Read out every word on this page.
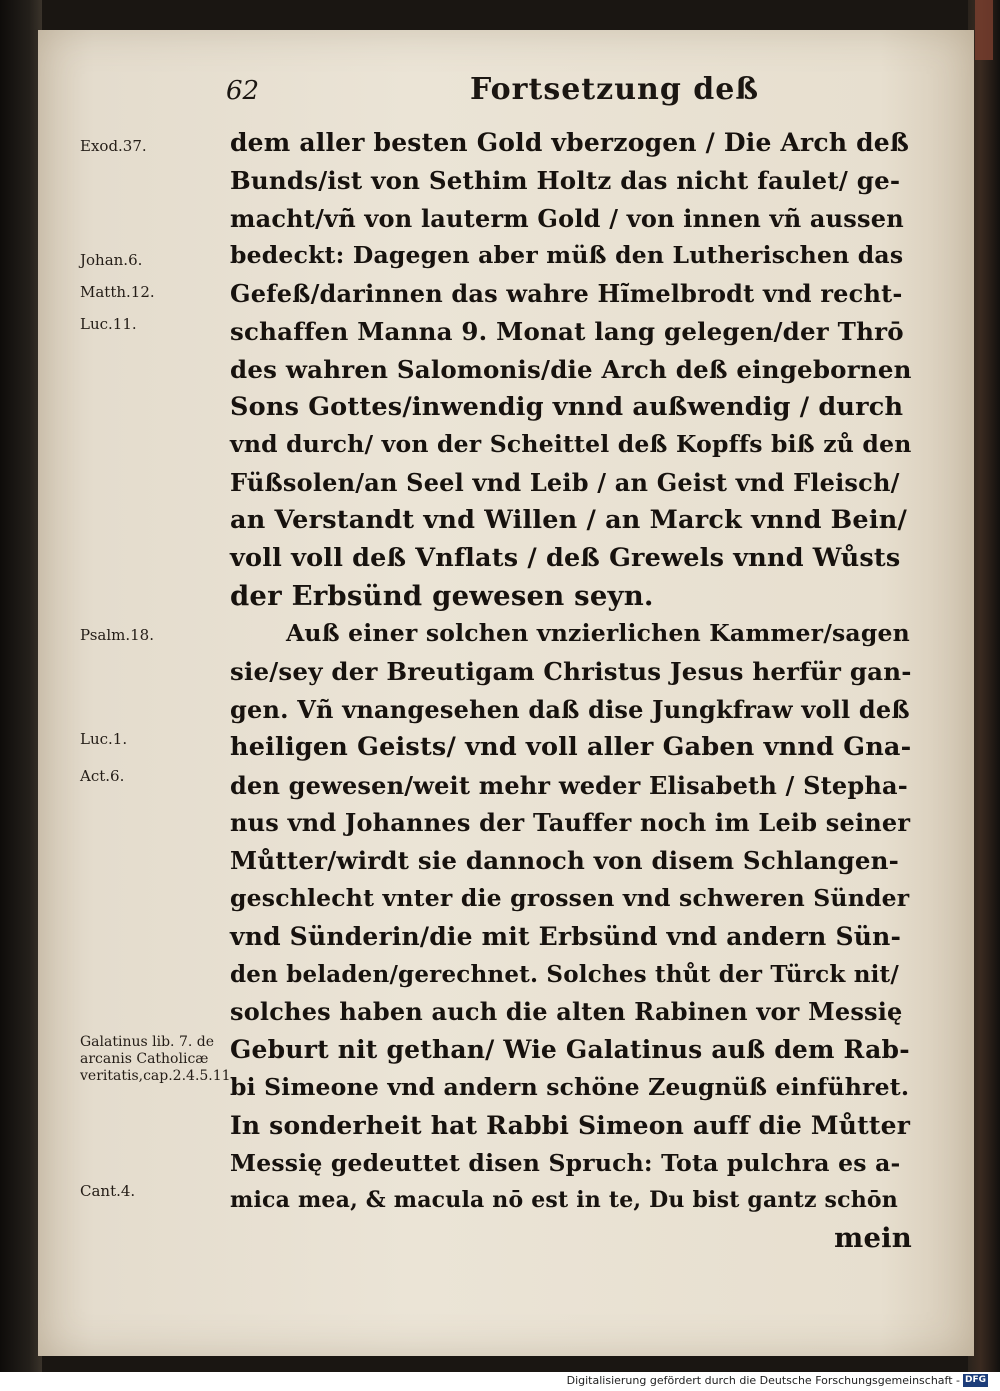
62	Fortsetzung deß
Exod.37.
Johan.6.
Matth.12.
Luc.11.
Psalm.18.
Luc.1.
Act.6.
Galatinus lib. 7. de arcanis Catholicæ veritatis,cap.2.4.5.11.
Cant.4.
dem aller besten Gold vberzogen / Die Arch deß
Bunds/ist von Sethim Holtz das nicht faulet/ ge-
macht/vñ von lauterm Gold / von innen vñ aussen
bedeckt: Dagegen aber müß den Lutherischen das
Gefeß/darinnen das wahre Hĩmelbrodt vnd recht-
schaffen Manna 9. Monat lang gelegen/der Thrō
des wahren Salomonis/die Arch deß eingebornen
Sons Gottes/inwendig vnnd außwendig / durch
vnd durch/ von der Scheittel deß Kopffs biß zů den
Füßsolen/an Seel vnd Leib / an Geist vnd Fleisch/
an Verstandt vnd Willen / an Marck vnnd Bein/
voll voll deß Vnflats / deß Grewels vnnd Wůsts
der Erbsünd gewesen seyn.
Auß einer solchen vnzierlichen Kammer/sagen
sie/sey der Breutigam Christus Jesus herfür gan-
gen. Vñ vnangesehen daß dise Jungkfraw voll deß
heiligen Geists/ vnd voll aller Gaben vnnd Gna-
den gewesen/weit mehr weder Elisabeth / Stepha-
nus vnd Johannes der Tauffer noch im Leib seiner
Můtter/wirdt sie dannoch von disem Schlangen-
geschlecht vnter die grossen vnd schweren Sünder
vnd Sünderin/die mit Erbsünd vnd andern Sün-
den beladen/gerechnet. Solches thůt der Türck nit/
solches haben auch die alten Rabinen vor Messię
Geburt nit gethan/ Wie Galatinus auß dem Rab-
bi Simeone vnd andern schöne Zeugnüß einführet.
In sonderheit hat Rabbi Simeon auff die Můtter
Messię gedeuttet disen Spruch: Tota pulchra es a-
mica mea, & macula nō est in te, Du bist gantz schōn
mein
Digitalisierung gefördert durch die Deutsche Forschungsgemeinschaft - DFG
